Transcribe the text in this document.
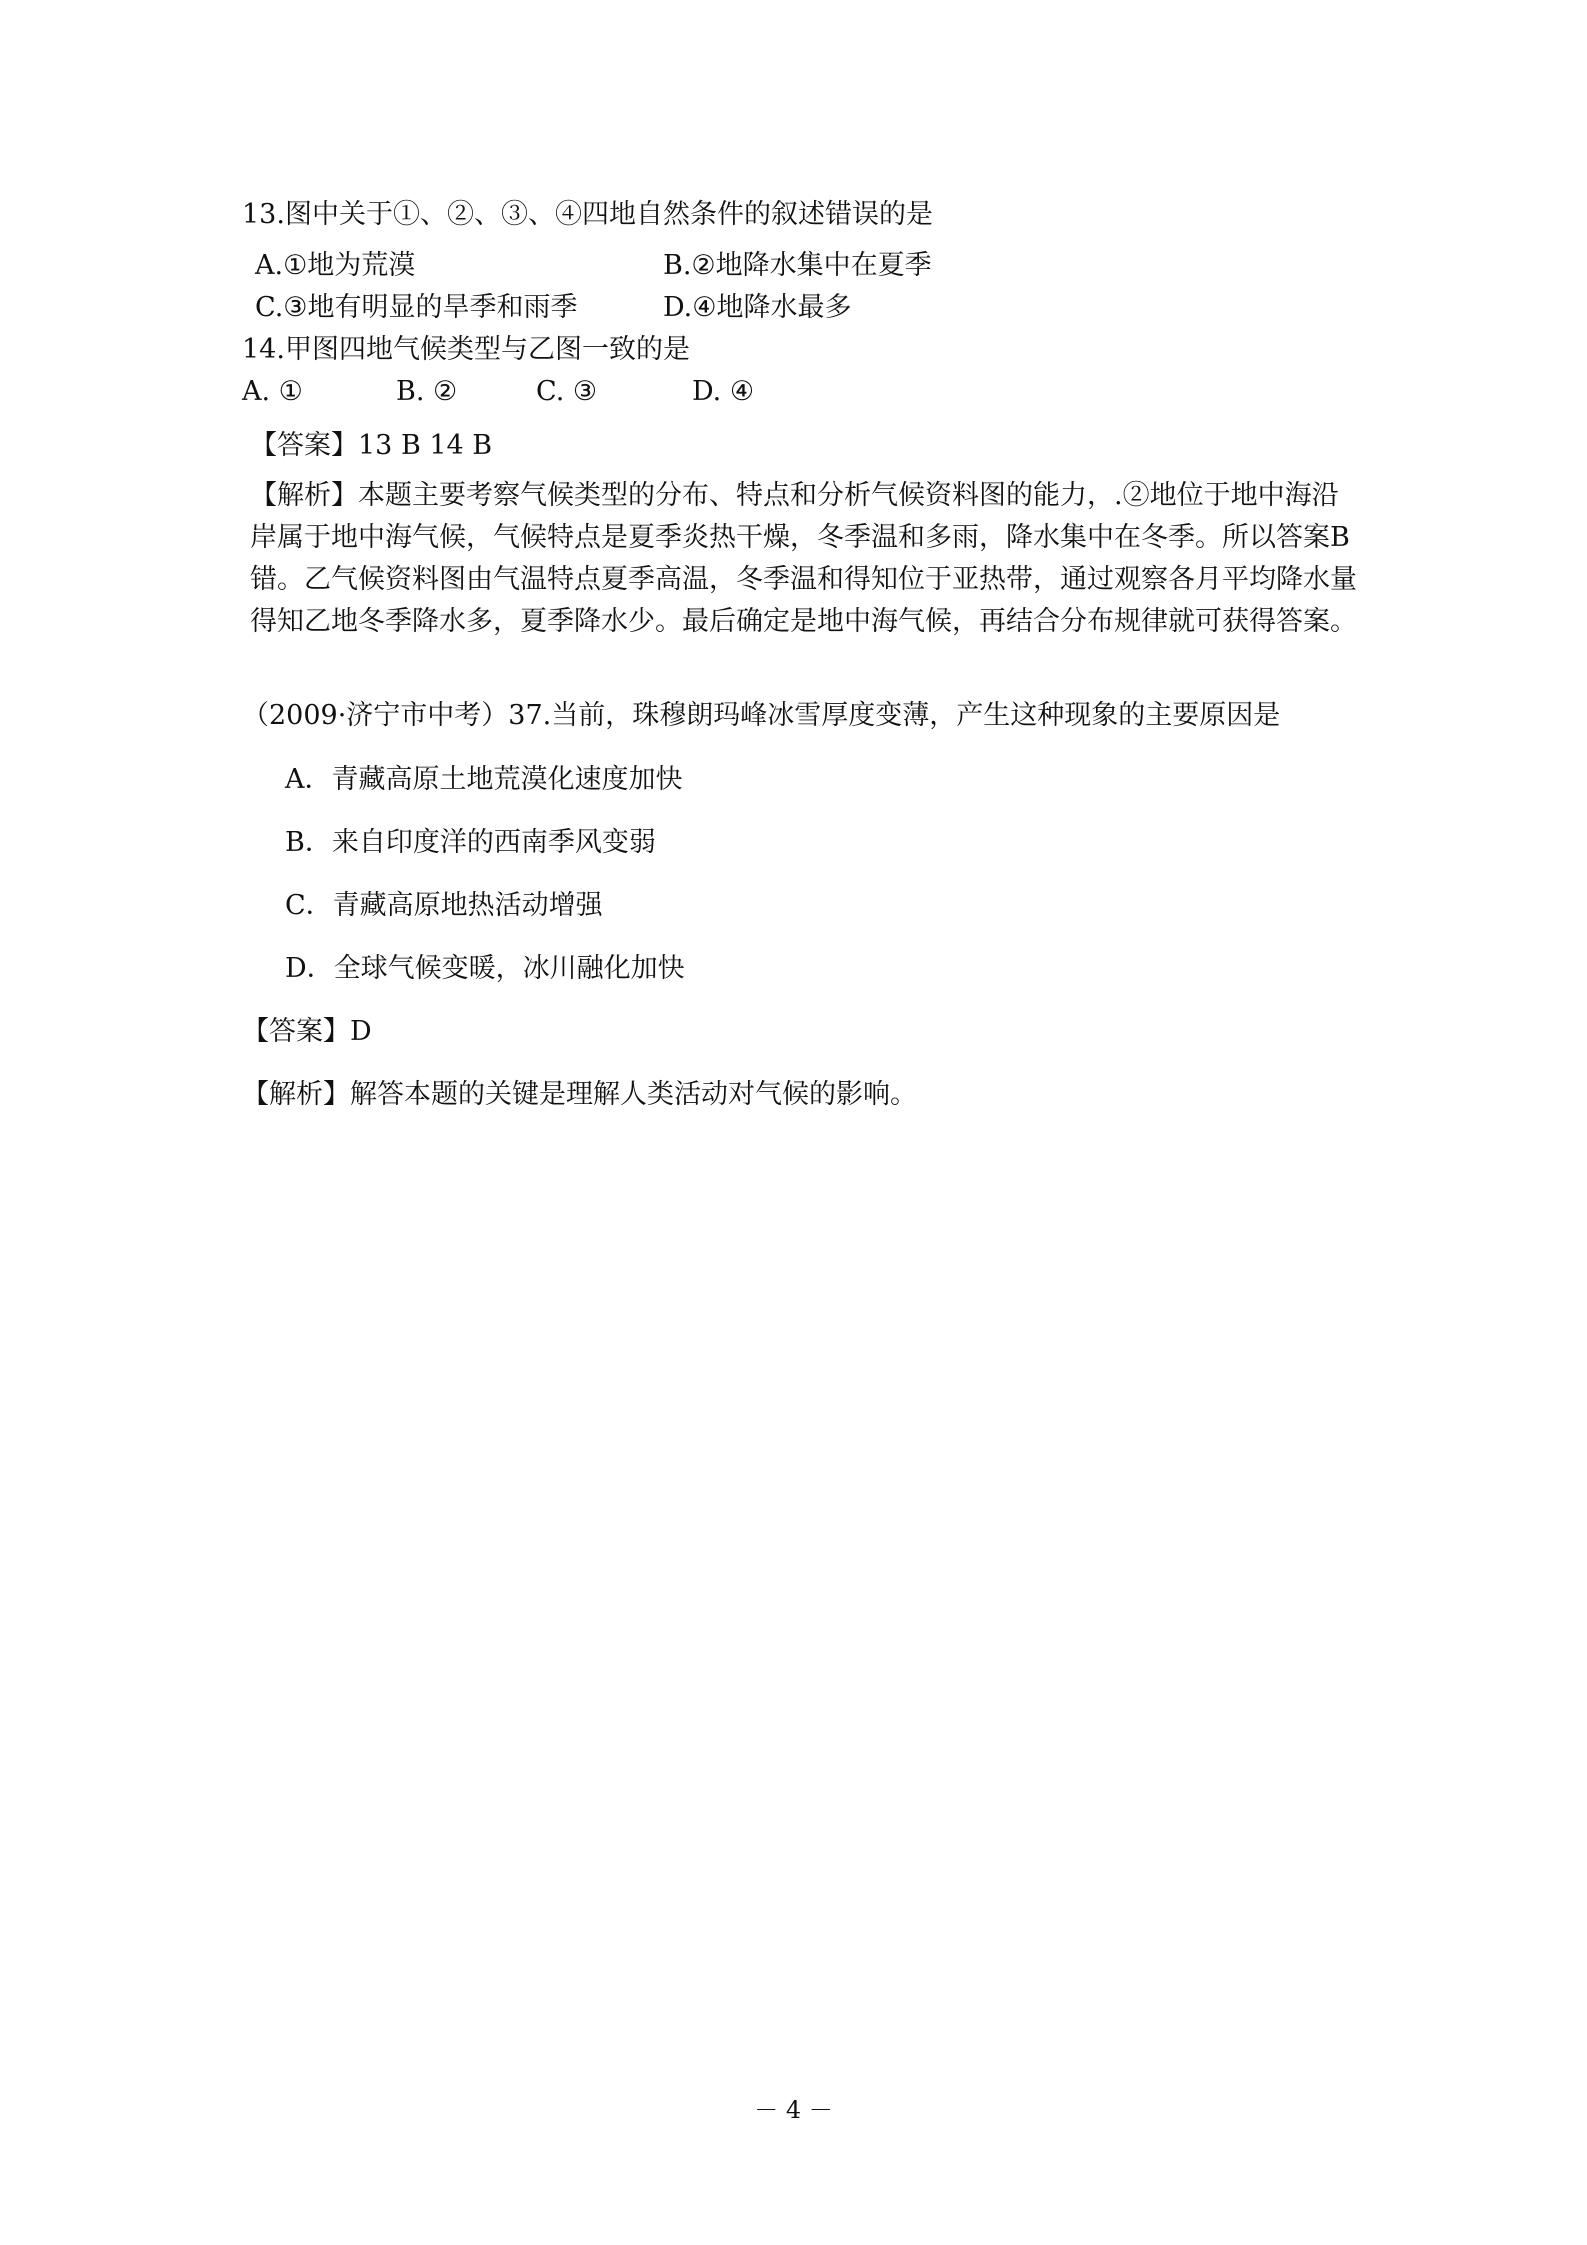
13.图中关于①、②、③、④四地自然条件的叙述错误的是
A.①地为荒漠	B.②地降水集中在夏季
C.③地有明显的旱季和雨季	D.④地降水最多
14.甲图四地气候类型与乙图一致的是
A. ①	B. ②	C. ③	D. ④
【答案】13 B 14 B
【解析】本题主要考察气候类型的分布、特点和分析气候资料图的能力，.②地位于地中海沿岸属于地中海气候，气候特点是夏季炎热干燥，冬季温和多雨，降水集中在冬季。所以答案B错。乙气候资料图由气温特点夏季高温，冬季温和得知位于亚热带，通过观察各月平均降水量得知乙地冬季降水多，夏季降水少。最后确定是地中海气候，再结合分布规律就可获得答案。
（2009·济宁市中考）37.当前，珠穆朗玛峰冰雪厚度变薄，产生这种现象的主要原因是
A．青藏高原土地荒漠化速度加快
B．来自印度洋的西南季风变弱
C．青藏高原地热活动增强
D．全球气候变暖，冰川融化加快
【答案】D
【解析】解答本题的关键是理解人类活动对气候的影响。
－ 4 －
